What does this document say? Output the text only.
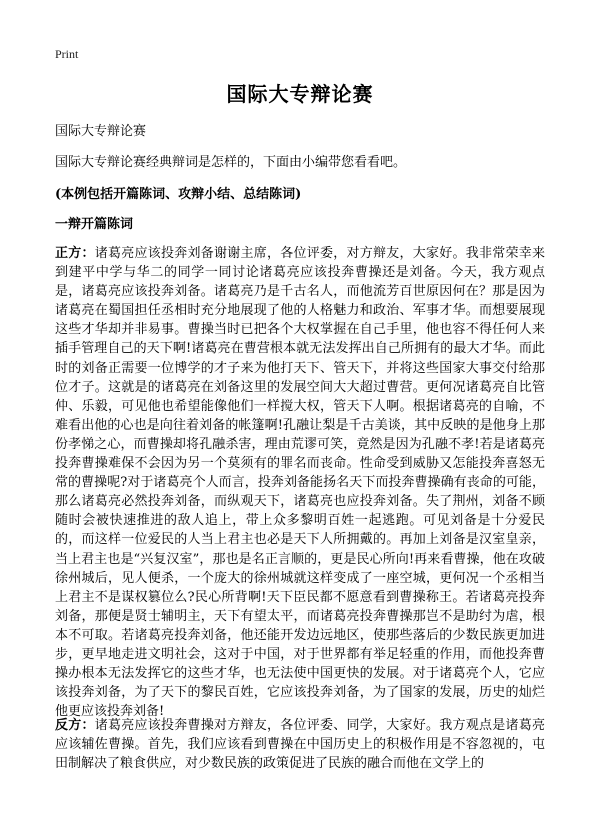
Print
国际大专辩论赛
国际大专辩论赛
国际大专辩论赛经典辩词是怎样的，下面由小编带您看看吧。
(本例包括开篇陈词、攻辩小结、总结陈词)
一辩开篇陈词

正方：诸葛亮应该投奔刘备谢谢主席，各位评委，对方辩友，大家好。我非常荣幸来到建平中学与华二的同学一同讨论诸葛亮应该投奔曹操还是刘备。今天，我方观点是，诸葛亮应该投奔刘备。诸葛亮乃是千古名人，而他流芳百世原因何在？那是因为诸葛亮在蜀国担任丞相时充分地展现了他的人格魅力和政治、军事才华。而想要展现这些才华却并非易事。曹操当时已把各个大权掌握在自己手里，他也容不得任何人来插手管理自己的天下啊!诸葛亮在曹营根本就无法发挥出自己所拥有的最大才华。而此时的刘备正需要一位博学的才子来为他打天下、管天下，并将这些国家大事交付给那位才子。这就是的诸葛亮在刘备这里的发展空间大大超过曹营。更何况诸葛亮自比管仲、乐毅，可见他也希望能像他们一样搅大权，管天下人啊。根据诸葛亮的自喻，不难看出他的心也是向往着刘备的帐篷啊!孔融让梨是千古美谈，其中反映的是他身上那份孝悌之心，而曹操却将孔融杀害，理由荒谬可笑，竟然是因为孔融不孝!若是诸葛亮投奔曹操难保不会因为另一个莫须有的罪名而丧命。性命受到威胁又怎能投奔喜怒无常的曹操呢?对于诸葛亮个人而言，投奔刘备能扬名天下而投奔曹操确有丧命的可能，那么诸葛亮必然投奔刘备，而纵观天下，诸葛亮也应投奔刘备。失了荆州，刘备不顾随时会被快速推进的敌人追上，带上众多黎明百姓一起逃跑。可见刘备是十分爱民的，而这样一位爱民的人当上君主也必是天下人所拥戴的。再加上刘备是汉室皇亲，当上君主也是“兴复汉室”，那也是名正言顺的，更是民心所向!再来看曹操，他在攻破徐州城后，见人便杀，一个庞大的徐州城就这样变成了一座空城，更何况一个丞相当上君主不是谋权篡位么?民心所背啊!天下臣民都不愿意看到曹操称王。若诸葛亮投奔刘备，那便是贤士辅明主，天下有望太平，而诸葛亮投奔曹操那岂不是助纣为虐，根本不可取。若诸葛亮投奔刘备，他还能开发边远地区，使那些落后的少数民族更加进步，更早地走进文明社会，这对于中国，对于世界都有举足轻重的作用，而他投奔曹操办根本无法发挥它的这些才华，也无法使中国更快的发展。对于诸葛亮个人，它应该投奔刘备，为了天下的黎民百姓，它应该投奔刘备，为了国家的发展，历史的灿烂他更应该投奔刘备!

反方：诸葛亮应该投奔曹操对方辩友，各位评委、同学，大家好。我方观点是诸葛亮应该辅佐曹操。首先，我们应该看到曹操在中国历史上的积极作用是不容忽视的，屯田制解决了粮食供应，对少数民族的政策促进了民族的融合而他在文学上的
